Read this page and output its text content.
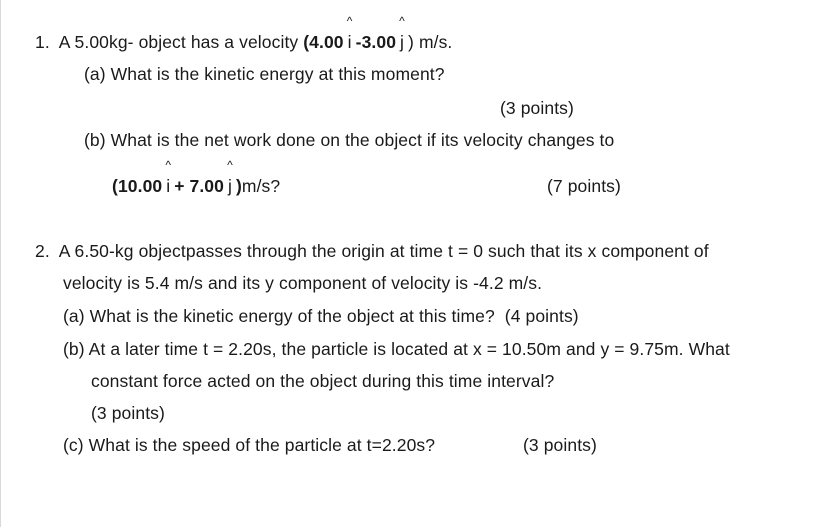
1. A 5.00kg- object has a velocity (4.00
^
i -3.00
^
j ) m/s.
(a) What is the kinetic energy at this moment?
(3 points)
(b) What is the net work done on the object if its velocity changes to
(10.00
^
i + 7.00
^
j )m/s?	(7 points)
2. A 6.50-kg objectpasses through the origin at time t = 0 such that its x component of
velocity is 5.4 m/s and its y component of velocity is -4.2 m/s.
(a) What is the kinetic energy of the object at this time? (4 points)
(b) At a later time t = 2.20s, the particle is located at x = 10.50m and y = 9.75m. What
constant force acted on the object during this time interval?
(3 points)
(c) What is the speed of the particle at t=2.20s?	(3 points)
